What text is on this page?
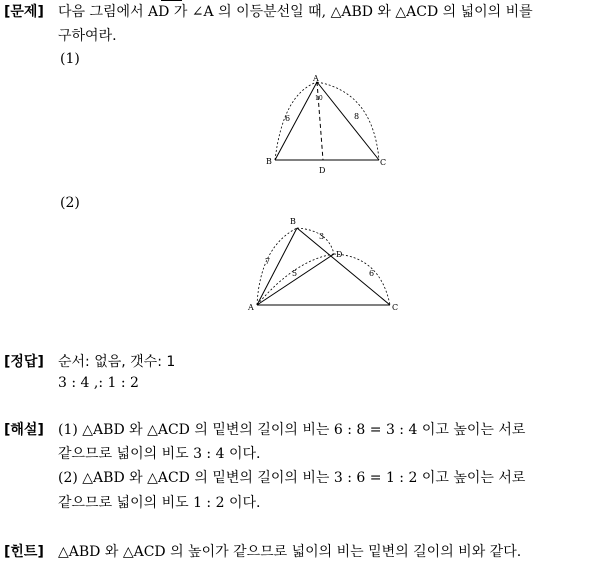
[문제] 다음 그림에서 AD 가 ∠A 의 이등분선일 때, △ABD 와 △ACD 의 넓이의 비를
구하여라.
(1)
A
B	C
D
6	8
10
(2)
A
B
C
D
7
5
3
6
[정답] 순서: 없음, 갯수: 1
3 : 4 ,: 1 : 2
[해설] (1) △ABD 와 △ACD 의 밑변의 길이의 비는 6 : 8 = 3 : 4 이고 높이는 서로
같으므로 넓이의 비도 3 : 4 이다.
(2) △ABD 와 △ACD 의 밑변의 길이의 비는 3 : 6 = 1 : 2 이고 높이는 서로
같으므로 넓이의 비도 1 : 2 이다.
[힌트] △ABD 와 △ACD 의 높이가 같으므로 넓이의 비는 밑변의 길이의 비와 같다.
